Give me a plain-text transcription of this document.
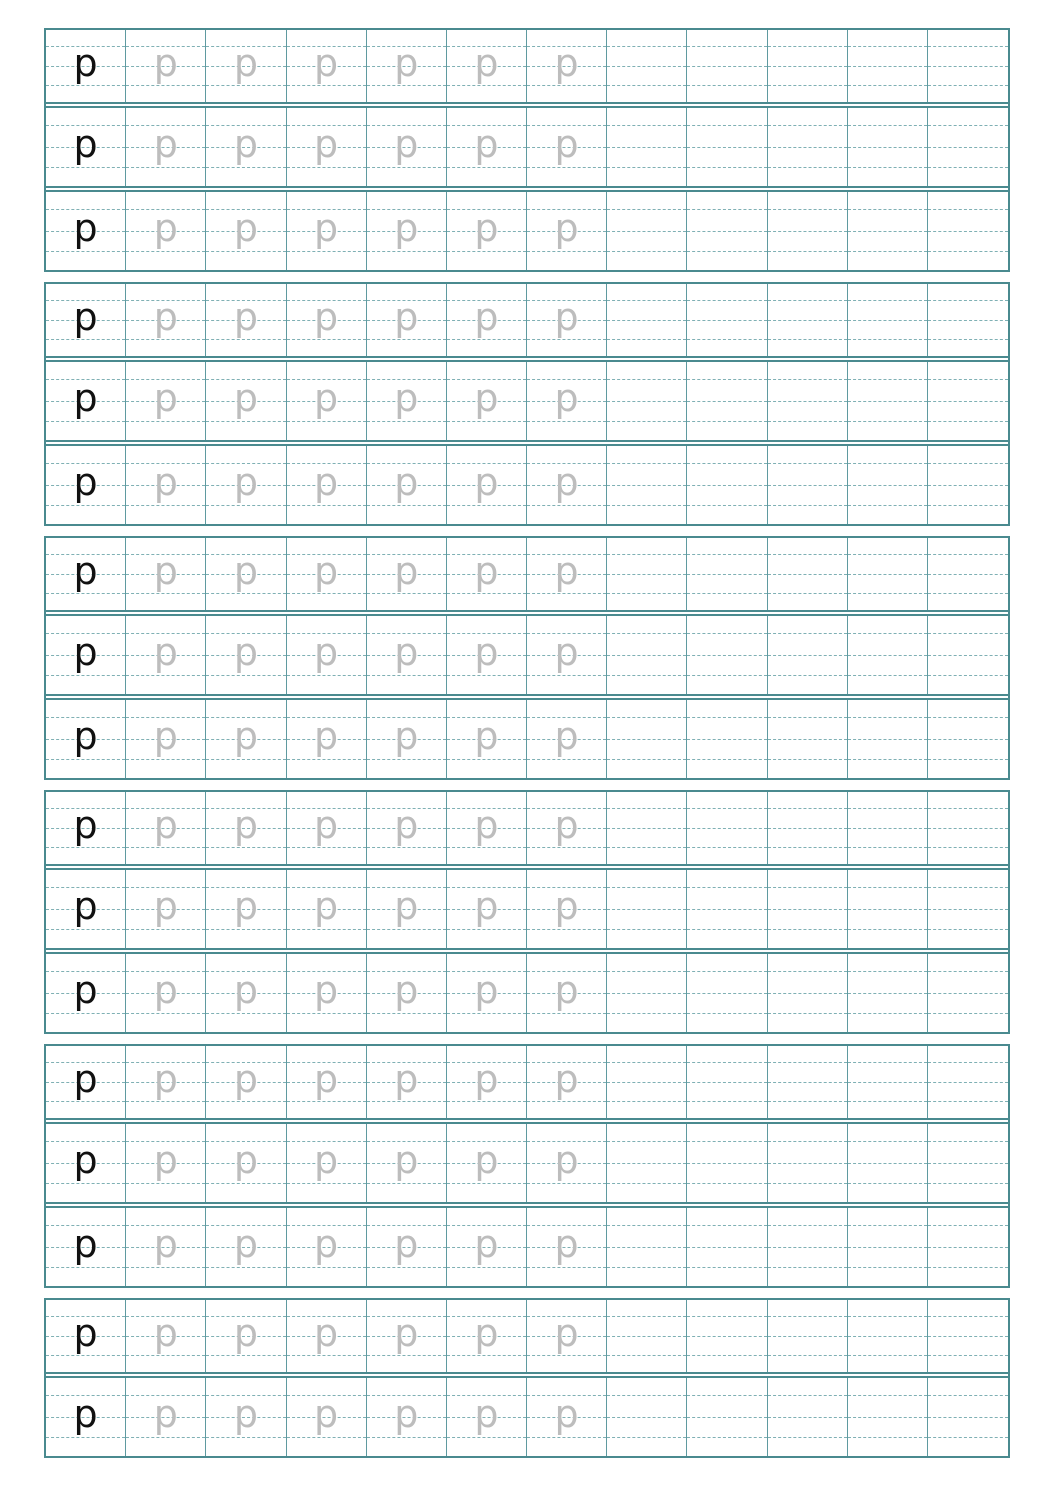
p p p p p p p
p p p p p p p
p p p p p p p
p p p p p p p
p p p p p p p
p p p p p p p
p p p p p p p
p p p p p p p
p p p p p p p
p p p p p p p
p p p p p p p
p p p p p p p
p p p p p p p
p p p p p p p
p p p p p p p
p p p p p p p
p p p p p p p
